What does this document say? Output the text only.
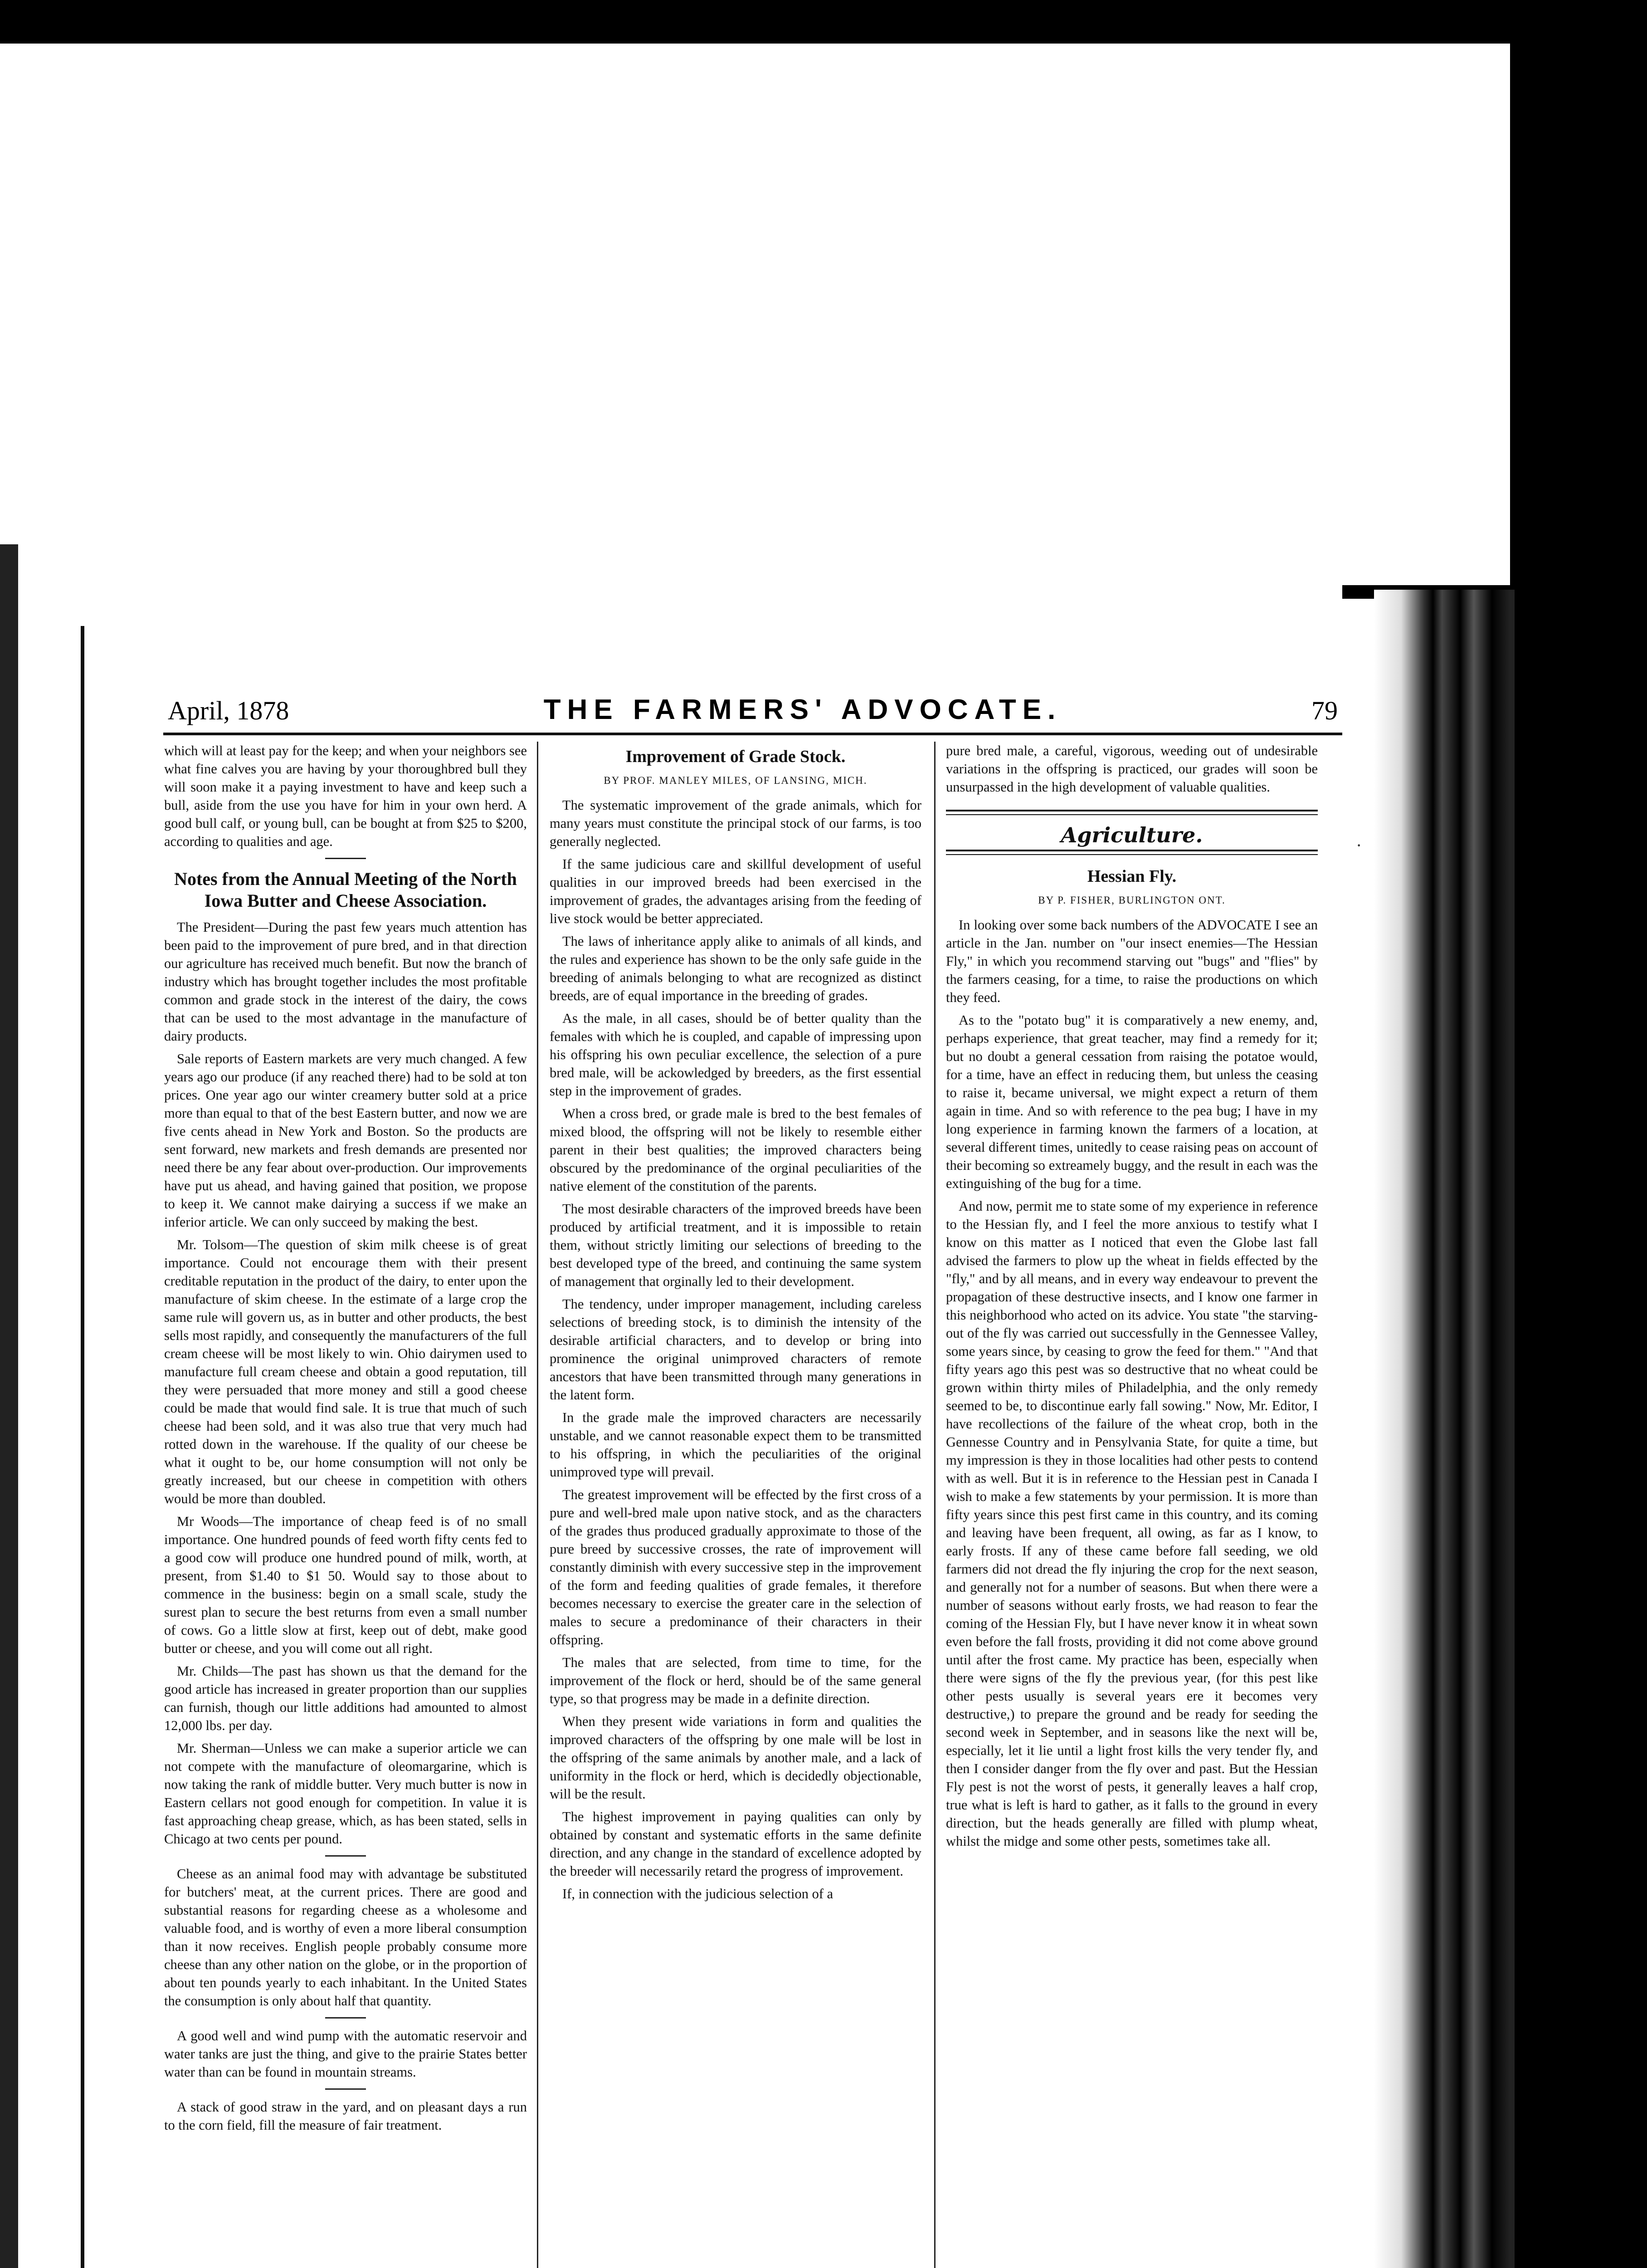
o
k
e
i
t
e
r
e
d
l
l
y
t
s
t
l
o
i
n
i
y
o
r
y
d
e
i
r
s
t
e
y
p
s
r
d
i
s
r
a
i
d
t
April, 1878	THE FARMERS' ADVOCATE.	79
·

which will at least pay for the keep; and when your neighbors see what fine calves you are having by your thoroughbred bull they will soon make it a paying investment to have and keep such a bull, aside from the use you have for him in your own herd. A good bull calf, or young bull, can be bought at from $25 to $200, according to qualities and age.

Notes from the Annual Meeting of the North Iowa Butter and Cheese Association.

The President—During the past few years much attention has been paid to the improvement of pure bred, and in that direction our agriculture has received much benefit. But now the branch of industry which has brought together includes the most profitable common and grade stock in the interest of the dairy, the cows that can be used to the most advantage in the manufacture of dairy products.

Sale reports of Eastern markets are very much changed. A few years ago our produce (if any reached there) had to be sold at ton prices. One year ago our winter creamery butter sold at a price more than equal to that of the best Eastern butter, and now we are five cents ahead in New York and Boston. So the products are sent forward, new markets and fresh demands are presented nor need there be any fear about over-production. Our improvements have put us ahead, and having gained that position, we propose to keep it. We cannot make dairying a success if we make an inferior article. We can only succeed by making the best.

Mr. Tolsom—The question of skim milk cheese is of great importance. Could not encourage them with their present creditable reputation in the product of the dairy, to enter upon the manufacture of skim cheese. In the estimate of a large crop the same rule will govern us, as in butter and other products, the best sells most rapidly, and consequently the manufacturers of the full cream cheese will be most likely to win. Ohio dairymen used to manufacture full cream cheese and obtain a good reputation, till they were persuaded that more money and still a good cheese could be made that would find sale. It is true that much of such cheese had been sold, and it was also true that very much had rotted down in the warehouse. If the quality of our cheese be what it ought to be, our home consumption will not only be greatly increased, but our cheese in competition with others would be more than doubled.

Mr Woods—The importance of cheap feed is of no small importance. One hundred pounds of feed worth fifty cents fed to a good cow will produce one hundred pound of milk, worth, at present, from $1.40 to $1 50. Would say to those about to commence in the business: begin on a small scale, study the surest plan to secure the best returns from even a small number of cows. Go a little slow at first, keep out of debt, make good butter or cheese, and you will come out all right.

Mr. Childs—The past has shown us that the demand for the good article has increased in greater proportion than our supplies can furnish, though our little additions had amounted to almost 12,000 lbs. per day.

Mr. Sherman—Unless we can make a superior article we can not compete with the manufacture of oleomargarine, which is now taking the rank of middle butter. Very much butter is now in Eastern cellars not good enough for competition. In value it is fast approaching cheap grease, which, as has been stated, sells in Chicago at two cents per pound.

Cheese as an animal food may with advantage be substituted for butchers' meat, at the current prices. There are good and substantial reasons for regarding cheese as a wholesome and valuable food, and is worthy of even a more liberal consumption than it now receives. English people probably consume more cheese than any other nation on the globe, or in the proportion of about ten pounds yearly to each inhabitant. In the United States the consumption is only about half that quantity.

A good well and wind pump with the automatic reservoir and water tanks are just the thing, and give to the prairie States better water than can be found in mountain streams.

A stack of good straw in the yard, and on pleasant days a run to the corn field, fill the measure of fair treatment.

Improvement of Grade Stock.
BY PROF. MANLEY MILES, OF LANSING, MICH.

The systematic improvement of the grade animals, which for many years must constitute the principal stock of our farms, is too generally neglected.

If the same judicious care and skillful development of useful qualities in our improved breeds had been exercised in the improvement of grades, the advantages arising from the feeding of live stock would be better appreciated.

The laws of inheritance apply alike to animals of all kinds, and the rules and experience has shown to be the only safe guide in the breeding of animals belonging to what are recognized as distinct breeds, are of equal importance in the breeding of grades.

As the male, in all cases, should be of better quality than the females with which he is coupled, and capable of impressing upon his offspring his own peculiar excellence, the selection of a pure bred male, will be ackowledged by breeders, as the first essential step in the improvement of grades.

When a cross bred, or grade male is bred to the best females of mixed blood, the offspring will not be likely to resemble either parent in their best qualities; the improved characters being obscured by the predominance of the orginal peculiarities of the native element of the constitution of the parents.

The most desirable characters of the improved breeds have been produced by artificial treatment, and it is impossible to retain them, without strictly limiting our selections of breeding to the best developed type of the breed, and continuing the same system of management that orginally led to their development.

The tendency, under improper management, including careless selections of breeding stock, is to diminish the intensity of the desirable artificial characters, and to develop or bring into prominence the original unimproved characters of remote ancestors that have been transmitted through many generations in the latent form.

In the grade male the improved characters are necessarily unstable, and we cannot reasonable expect them to be transmitted to his offspring, in which the peculiarities of the original unimproved type will prevail.

The greatest improvement will be effected by the first cross of a pure and well-bred male upon native stock, and as the characters of the grades thus produced gradually approximate to those of the pure breed by successive crosses, the rate of improvement will constantly diminish with every successive step in the improvement of the form and feeding qualities of grade females, it therefore becomes necessary to exercise the greater care in the selection of males to secure a predominance of their characters in their offspring.

The males that are selected, from time to time, for the improvement of the flock or herd, should be of the same general type, so that progress may be made in a definite direction.

When they present wide variations in form and qualities the improved characters of the offspring by one male will be lost in the offspring of the same animals by another male, and a lack of uniformity in the flock or herd, which is decidedly objectionable, will be the result.

The highest improvement in paying qualities can only by obtained by constant and systematic efforts in the same definite direction, and any change in the standard of excellence adopted by the breeder will necessarily retard the progress of improvement.

If, in connection with the judicious selection of a

pure bred male, a careful, vigorous, weeding out of undesirable variations in the offspring is practiced, our grades will soon be unsurpassed in the high development of valuable qualities.

Agriculture.
Hessian Fly.
BY P. FISHER, BURLINGTON ONT.

In looking over some back numbers of the ADVOCATE I see an article in the Jan. number on "our insect enemies—The Hessian Fly," in which you recommend starving out "bugs" and "flies" by the farmers ceasing, for a time, to raise the productions on which they feed.

As to the "potato bug" it is comparatively a new enemy, and, perhaps experience, that great teacher, may find a remedy for it; but no doubt a general cessation from raising the potatoe would, for a time, have an effect in reducing them, but unless the ceasing to raise it, became universal, we might expect a return of them again in time. And so with reference to the pea bug; I have in my long experience in farming known the farmers of a location, at several different times, unitedly to cease raising peas on account of their becoming so extreamely buggy, and the result in each was the extinguishing of the bug for a time.

And now, permit me to state some of my experience in reference to the Hessian fly, and I feel the more anxious to testify what I know on this matter as I noticed that even the Globe last fall advised the farmers to plow up the wheat in fields effected by the "fly," and by all means, and in every way endeavour to prevent the propagation of these destructive insects, and I know one farmer in this neighborhood who acted on its advice. You state "the starving-out of the fly was carried out successfully in the Gennessee Valley, some years since, by ceasing to grow the feed for them." "And that fifty years ago this pest was so destructive that no wheat could be grown within thirty miles of Philadelphia, and the only remedy seemed to be, to discontinue early fall sowing." Now, Mr. Editor, I have recollections of the failure of the wheat crop, both in the Gennesse Country and in Pensylvania State, for quite a time, but my impression is they in those localities had other pests to contend with as well. But it is in reference to the Hessian pest in Canada I wish to make a few statements by your permission. It is more than fifty years since this pest first came in this country, and its coming and leaving have been frequent, all owing, as far as I know, to early frosts. If any of these came before fall seeding, we old farmers did not dread the fly injuring the crop for the next season, and generally not for a number of seasons. But when there were a number of seasons without early frosts, we had reason to fear the coming of the Hessian Fly, but I have never know it in wheat sown even before the fall frosts, providing it did not come above ground until after the frost came. My practice has been, especially when there were signs of the fly the previous year, (for this pest like other pests usually is several years ere it becomes very destructive,) to prepare the ground and be ready for seeding the second week in September, and in seasons like the next will be, especially, let it lie until a light frost kills the very tender fly, and then I consider danger from the fly over and past. But the Hessian Fly pest is not the worst of pests, it generally leaves a half crop, true what is left is hard to gather, as it falls to the ground in every direction, but the heads generally are filled with plump wheat, whilst the midge and some other pests, sometimes take all.
